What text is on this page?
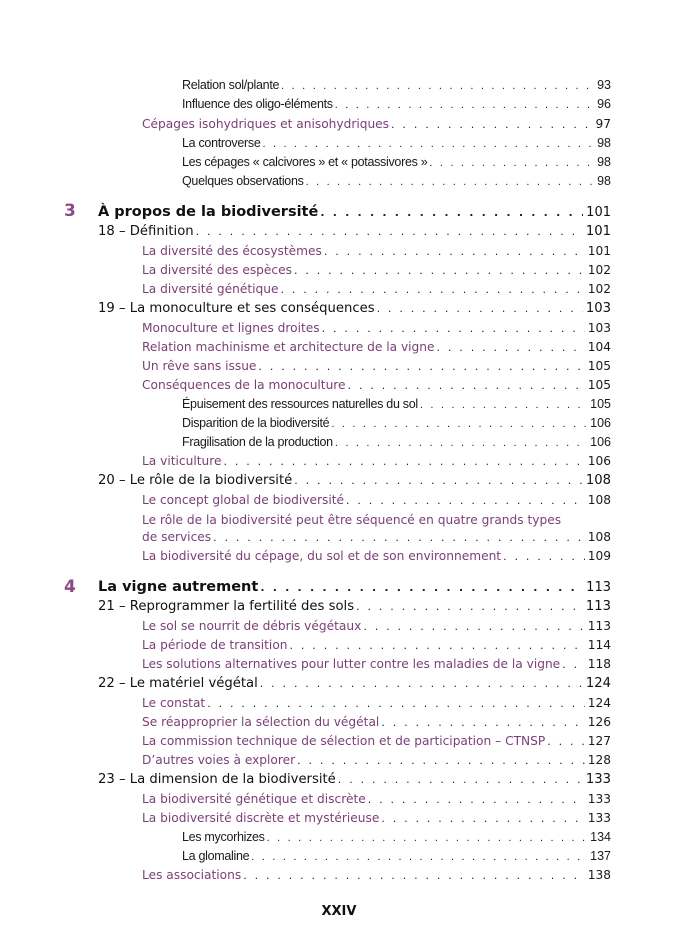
Relation sol/plante . . .	93
Influence des oligo-éléments . . .	96
Cépages isohydriques et anisohydriques . . .	97
La controverse . . .	98
Les cépages « calcivores » et « potassivores » . . .	98
Quelques observations . . .	98
3 À propos de la biodiversité . . .	101
18 – Définition . . .	101
La diversité des écosystèmes . . .	101
La diversité des espèces . . .	102
La diversité génétique . . .	102
19 – La monoculture et ses conséquences . . .	103
Monoculture et lignes droites . . .	103
Relation machinisme et architecture de la vigne . . .	104
Un rêve sans issue . . .	105
Conséquences de la monoculture . . .	105
Épuisement des ressources naturelles du sol . . .	105
Disparition de la biodiversité . . .	106
Fragilisation de la production . . .	106
La viticulture . . .	106
20 – Le rôle de la biodiversité . . .	108
Le concept global de biodiversité . . .	108
Le rôle de la biodiversité peut être séquencé en quatre grands types
de services . . .	108
La biodiversité du cépage, du sol et de son environnement . . .	109
4 La vigne autrement . . .	113
21 – Reprogrammer la fertilité des sols . . .	113
Le sol se nourrit de débris végétaux . . .	113
La période de transition . . .	114
Les solutions alternatives pour lutter contre les maladies de la vigne . . . 118
22 – Le matériel végétal . . .	124
Le constat . . .	124
Se réapproprier la sélection du végétal . . .	126
La commission technique de sélection et de participation – CTNSP . . .	127
D’autres voies à explorer . . .	128
23 – La dimension de la biodiversité . . .	133
La biodiversité génétique et discrète . . .	133
La biodiversité discrète et mystérieuse . . .	133
Les mycorhizes . . .	134
La glomaline . . .	137
Les associations . . .	138
XXIV
